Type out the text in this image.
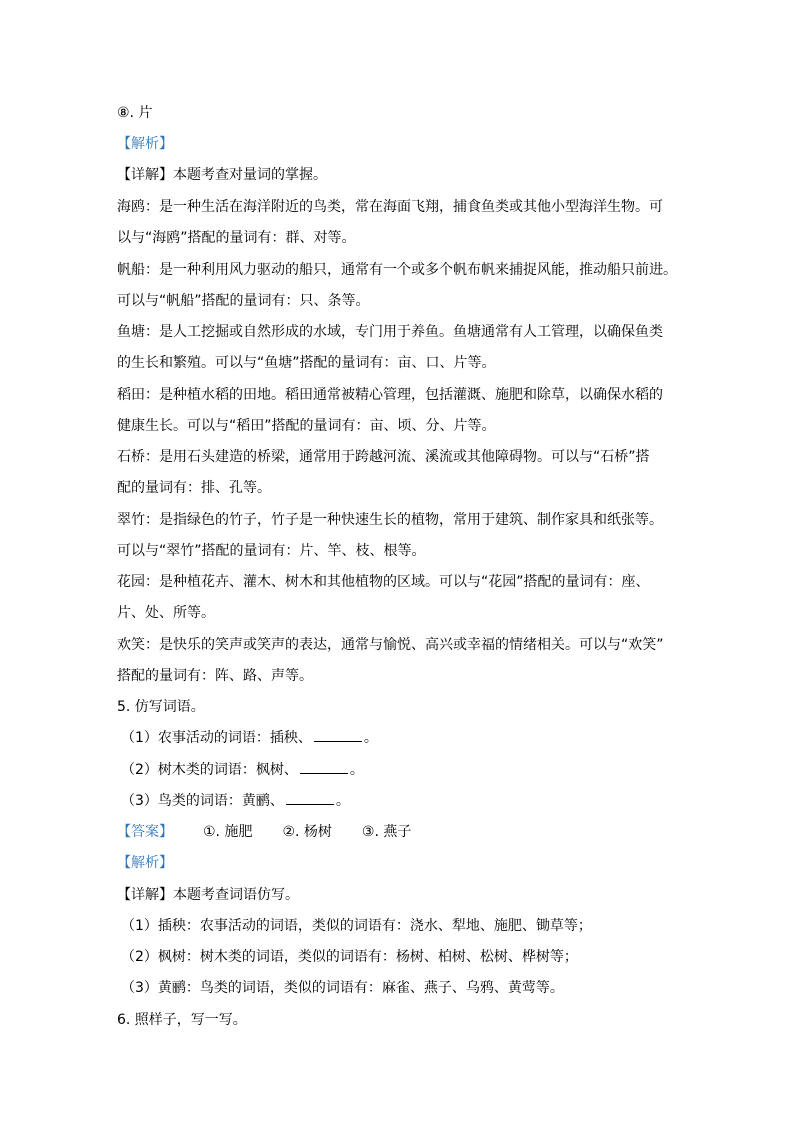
⑧. 片
【解析】
【详解】本题考查对量词的掌握。
海鸥：是一种生活在海洋附近的鸟类，常在海面飞翔，捕食鱼类或其他小型海洋生物。可
以与“海鸥”搭配的量词有：群、对等。
帆船：是一种利用风力驱动的船只，通常有一个或多个帆布帆来捕捉风能，推动船只前进。
可以与“帆船”搭配的量词有：只、条等。
鱼塘：是人工挖掘或自然形成的水域，专门用于养鱼。鱼塘通常有人工管理，以确保鱼类
的生长和繁殖。可以与“鱼塘”搭配的量词有：亩、口、片等。
稻田：是种植水稻的田地。稻田通常被精心管理，包括灌溉、施肥和除草，以确保水稻的
健康生长。可以与“稻田”搭配的量词有：亩、顷、分、片等。
石桥：是用石头建造的桥梁，通常用于跨越河流、溪流或其他障碍物。可以与“石桥”搭
配的量词有：排、孔等。
翠竹：是指绿色的竹子，竹子是一种快速生长的植物，常用于建筑、制作家具和纸张等。
可以与“翠竹”搭配的量词有：片、竿、枝、根等。
花园：是种植花卉、灌木、树木和其他植物的区域。可以与“花园”搭配的量词有：座、
片、处、所等。
欢笑：是快乐的笑声或笑声的表达，通常与愉悦、高兴或幸福的情绪相关。可以与“欢笑”
搭配的量词有：阵、路、声等。
5. 仿写词语。
（1）农事活动的词语：插秧、	。
（2）树木类的词语：枫树、	。
（3）鸟类的词语：黄鹂、	。
【答案】 ①. 施肥 ②. 杨树 ③. 燕子
【解析】
【详解】本题考查词语仿写。
（1）插秧：农事活动的词语，类似的词语有：浇水、犁地、施肥、锄草等；
（2）枫树：树木类的词语，类似的词语有：杨树、柏树、松树、桦树等；
（3）黄鹂：鸟类的词语，类似的词语有：麻雀、燕子、乌鸦、黄莺等。
6. 照样子，写一写。
